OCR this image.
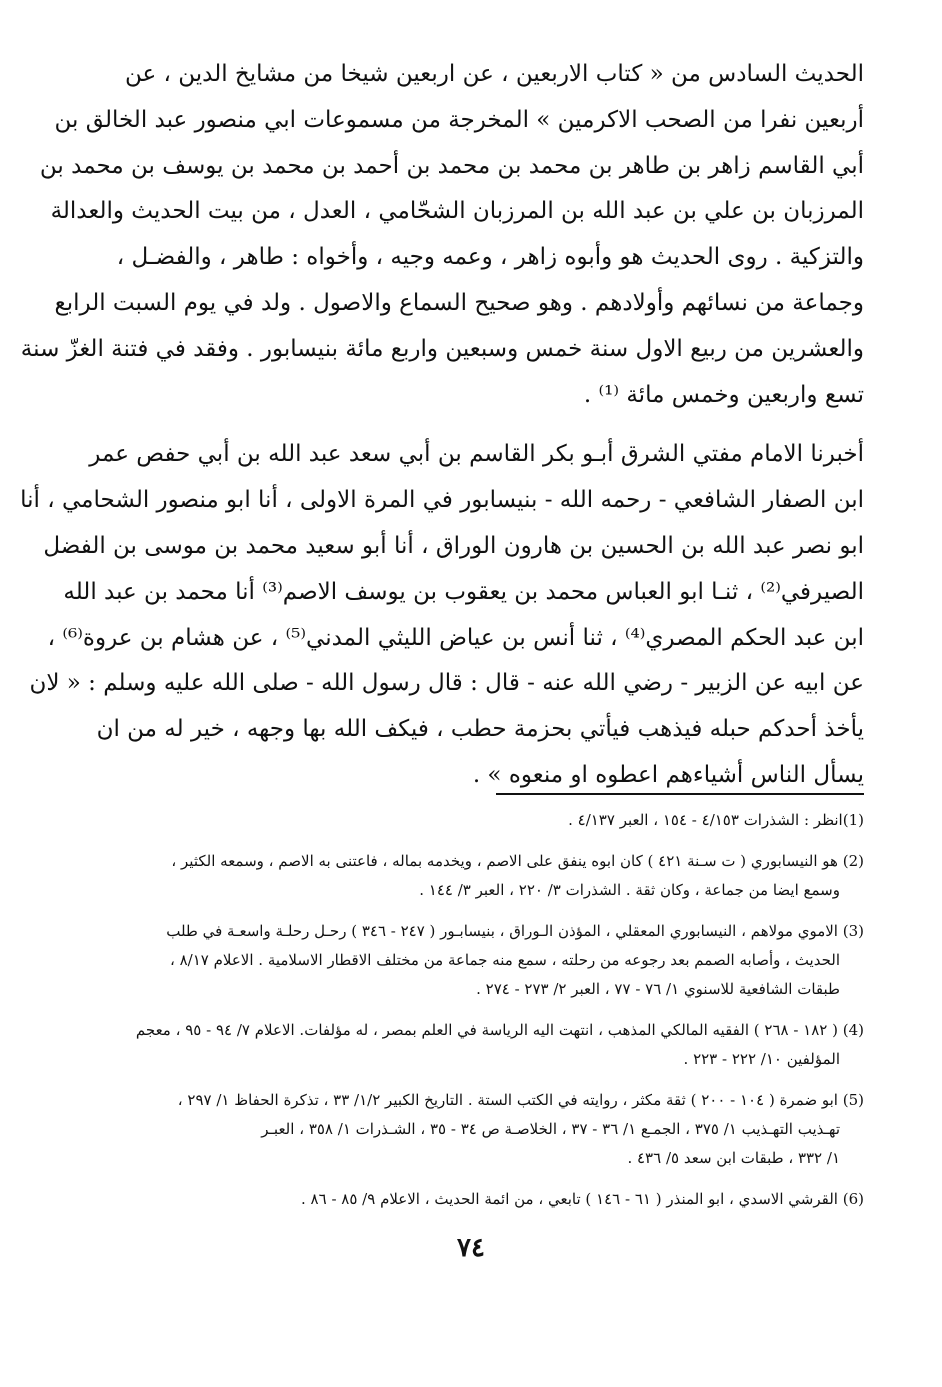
الحديث السادس من « كتاب الاربعين ، عن اربعين شيخا من مشايخ الدين ، عن
أربعين نفرا من الصحب الاكرمين » المخرجة من مسموعات ابي منصور عبد الخالق بن
أبي القاسم زاهر بن طاهر بن محمد بن محمد بن أحمد بن محمد بن يوسف بن محمد بن
المرزبان بن علي بن عبد الله بن المرزبان الشحّامي ، العدل ، من بيت الحديث والعدالة
والتزكية . روى الحديث هو وأبوه زاهر ، وعمه وجيه ، وأخواه : طاهر ، والفضـل ،
وجماعة من نسائهم وأولادهم . وهو صحيح السماع والاصول . ولد في يوم السبت الرابع
والعشرين من ربيع الاول سنة خمس وسبعين واربع مائة بنيسابور . وفقد في فتنة الغزّ سنة
تسع واربعين وخمس مائة ⁽¹⁾ .
أخبرنا الامام مفتي الشرق أبـو بكر القاسم بن أبي سعد عبد الله بن أبي حفص عمر
ابن الصفار الشافعي - رحمه الله - بنيسابور في المرة الاولى ، أنا ابو منصور الشحامي ، أنا
ابو نصر عبد الله بن الحسين بن هارون الوراق ، أنا أبو سعيد محمد بن موسى بن الفضل
الصيرفي⁽²⁾ ، ثنـا ابو العباس محمد بن يعقوب بن يوسف الاصم⁽³⁾ أنا محمد بن عبد الله
ابن عبد الحكم المصري⁽⁴⁾ ، ثنا أنس بن عياض الليثي المدني⁽⁵⁾ ، عن هشام بن عروة⁽⁶⁾ ،
عن ابيه عن الزبير - رضي الله عنه - قال : قال رسول الله - صلى الله عليه وسلم : « لان
يأخذ أحدكم حبله فيذهب فيأتي بحزمة حطب ، فيكف الله بها وجهه ، خير له من ان
يسأل الناس أشياءهم اعطوه او منعوه » .
(1)انظر : الشذرات ٤/١٥٣ - ١٥٤ ، العبر ٤/١٣٧ .
(2) هو النيسابوري ( ت سـنة ٤٢١ ) كان ابوه ينفق على الاصم ، ويخدمه بماله ، فاعتنى به الاصم ، وسمعه الكثير ،
وسمع ايضا من جماعة ، وكان ثقة . الشذرات ٣/ ٢٢٠ ، العبر ٣/ ١٤٤ .
(3) الاموي مولاهم ، النيسابوري المعقلي ، المؤذن الـوراق ، بنيسابـور ( ٢٤٧ - ٣٤٦ ) رحـل رحلـة واسعـة في طلب
الحديث ، وأصابه الصمم بعد رجوعه من رحلته ، سمع منه جماعة من مختلف الاقطار الاسلامية . الاعلام ٨/١٧ ،
طبقات الشافعية للاسنوي ١/ ٧٦ - ٧٧ ، العبر ٢/ ٢٧٣ - ٢٧٤ .
(4) ( ١٨٢ - ٢٦٨ ) الفقيه المالكي المذهب ، انتهت اليه الرياسة في العلم بمصر ، له مؤلفات. الاعلام ٧/ ٩٤ - ٩٥ ، معجم
المؤلفين ١٠/ ٢٢٢ - ٢٢٣ .
(5) ابو ضمرة ( ١٠٤ - ٢٠٠ ) ثقة مكثر ، روايته في الكتب الستة . التاريخ الكبير ١/٢/ ٣٣ ، تذكرة الحفاظ ١/ ٢٩٧ ،
تهـذيب التهـذيب ١/ ٣٧٥ ، الجمـع ١/ ٣٦ - ٣٧ ، الخلاصـة ص ٣٤ - ٣٥ ، الشـذرات ١/ ٣٥٨ ، العبـر
١/ ٣٣٢ ، طبقات ابن سعد ٥/ ٤٣٦ .
(6) القرشي الاسدي ، ابو المنذر ( ٦١ - ١٤٦ ) تابعي ، من ائمة الحديث ، الاعلام ٩/ ٨٥ - ٨٦ .
٧٤
